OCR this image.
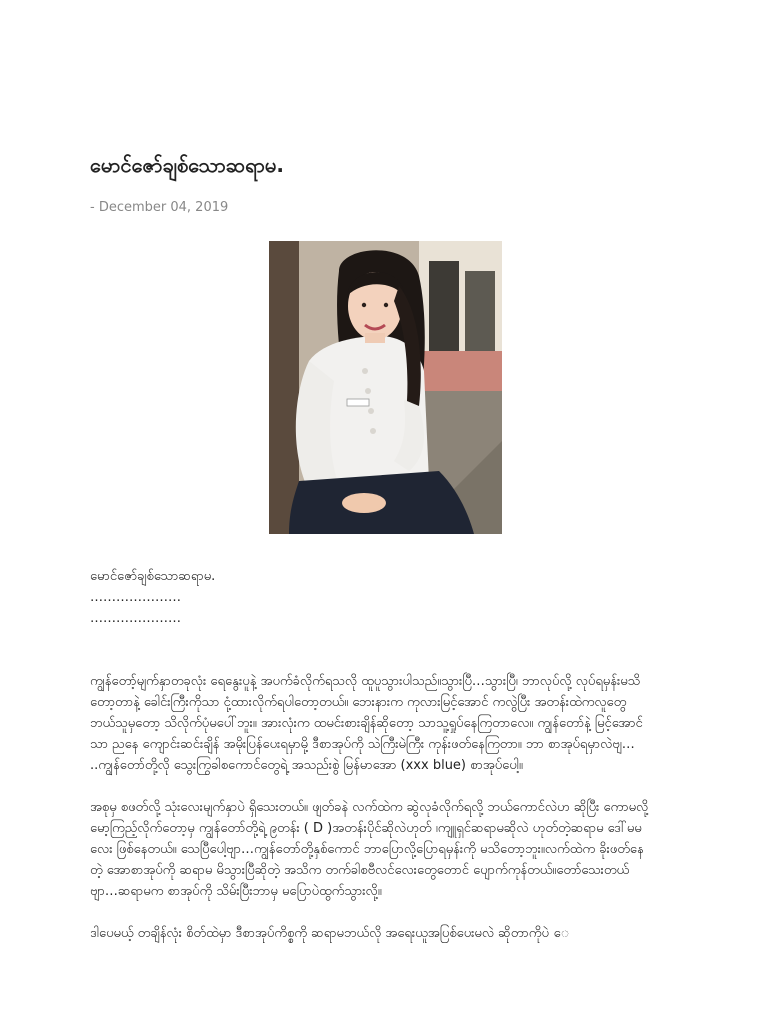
မောင်ဇော်ချစ်သောဆရာမ.
- December 04, 2019

မောင်ဇော်ချစ်သောဆရာမ.

…………………

…………………

ကျွန်တော့်မျက်နှာတခုလုံး ရေနွေးပူနဲ့ အပက်ခံလိုက်ရသလို ထူပူသွားပါသည်။သွားပြီ…သွားပြီ၊ ဘာလုပ်လို့ လုပ်ရမှန်းမသိတော့တာနဲ့ ခေါင်းကြီးကိုသာ ငုံ့ထားလိုက်ရပါတော့တယ်။ ဘေးနားက ကုလားမြင့်အောင် ကလွဲပြီး အတန်းထဲကလူတွေ ဘယ်သူမှတော့ သိလိုက်ပုံမပေါ်ဘူး။ အားလုံးက ထမင်းစားချိန်ဆိုတော့ သာသူ့ရှုပ်နေကြတာလေ။ ကျွန်တော်နဲ့ မြင့်အောင်သာ ညနေ ကျောင်းဆင်းချိန် အမိုးပြန်ပေးရမှာမို့ ဒီစာအုပ်ကို သဲကြီးမဲကြီး ကုန်းဖတ်နေကြတာ။ ဘာ စာအုပ်ရမှာလဲဗျ… ..ကျွန်တော်တို့လို သွေးကြွခါစကောင်တွေရဲ့ အသည်းစွဲ မြန်မာအော (xxx blue) စာအုပ်ပေါ့။

အစုမှ စဖတ်လို့ သုံးလေးမျက်နှာပဲ ရှိသေးတယ်။ ဖျတ်ခနဲ လက်ထဲက ဆွဲလုခံလိုက်ရလို့ ဘယ်ကောင်လဲဟ ဆိုပြီး ကောမလို့ မော့ကြည့်လိုက်တော့မှ ကျွန်တော်တို့ရဲ့ ၉တန်း ( D )အတန်းပိုင်ဆိုလဲဟုတ် ၊ကျူရှင်ဆရာမဆိုလဲ ဟုတ်တဲ့ဆရာမ ဒေါ်မမလေး ဖြစ်နေတယ်။ သေပြီပေါ့ဗျာ…ကျွန်တော်တို့နှစ်ကောင် ဘာပြောလို့ပြောရမှန်းကို မသိတော့ဘူး။လက်ထဲက ခိုးဖတ်နေတဲ့ အောစာအုပ်ကို ဆရာမ မိသွားပြီဆိုတဲ့ အသိက တက်ခါစဗီလင်လေးတွေတောင် ပျောက်ကုန်တယ်။တော်သေးတယ်ဗျာ…ဆရာမက စာအုပ်ကို သိမ်းပြီးဘာမှ မပြောပဲထွက်သွားလို့။

ဒါပေမယ့် တချိန်လုံး စိတ်ထဲမှာ ဒီစာအုပ်ကိစ္စကို ဆရာမဘယ်လို အရေးယူအပြစ်ပေးမလဲ ဆိုတာကိုပဲ ေ
